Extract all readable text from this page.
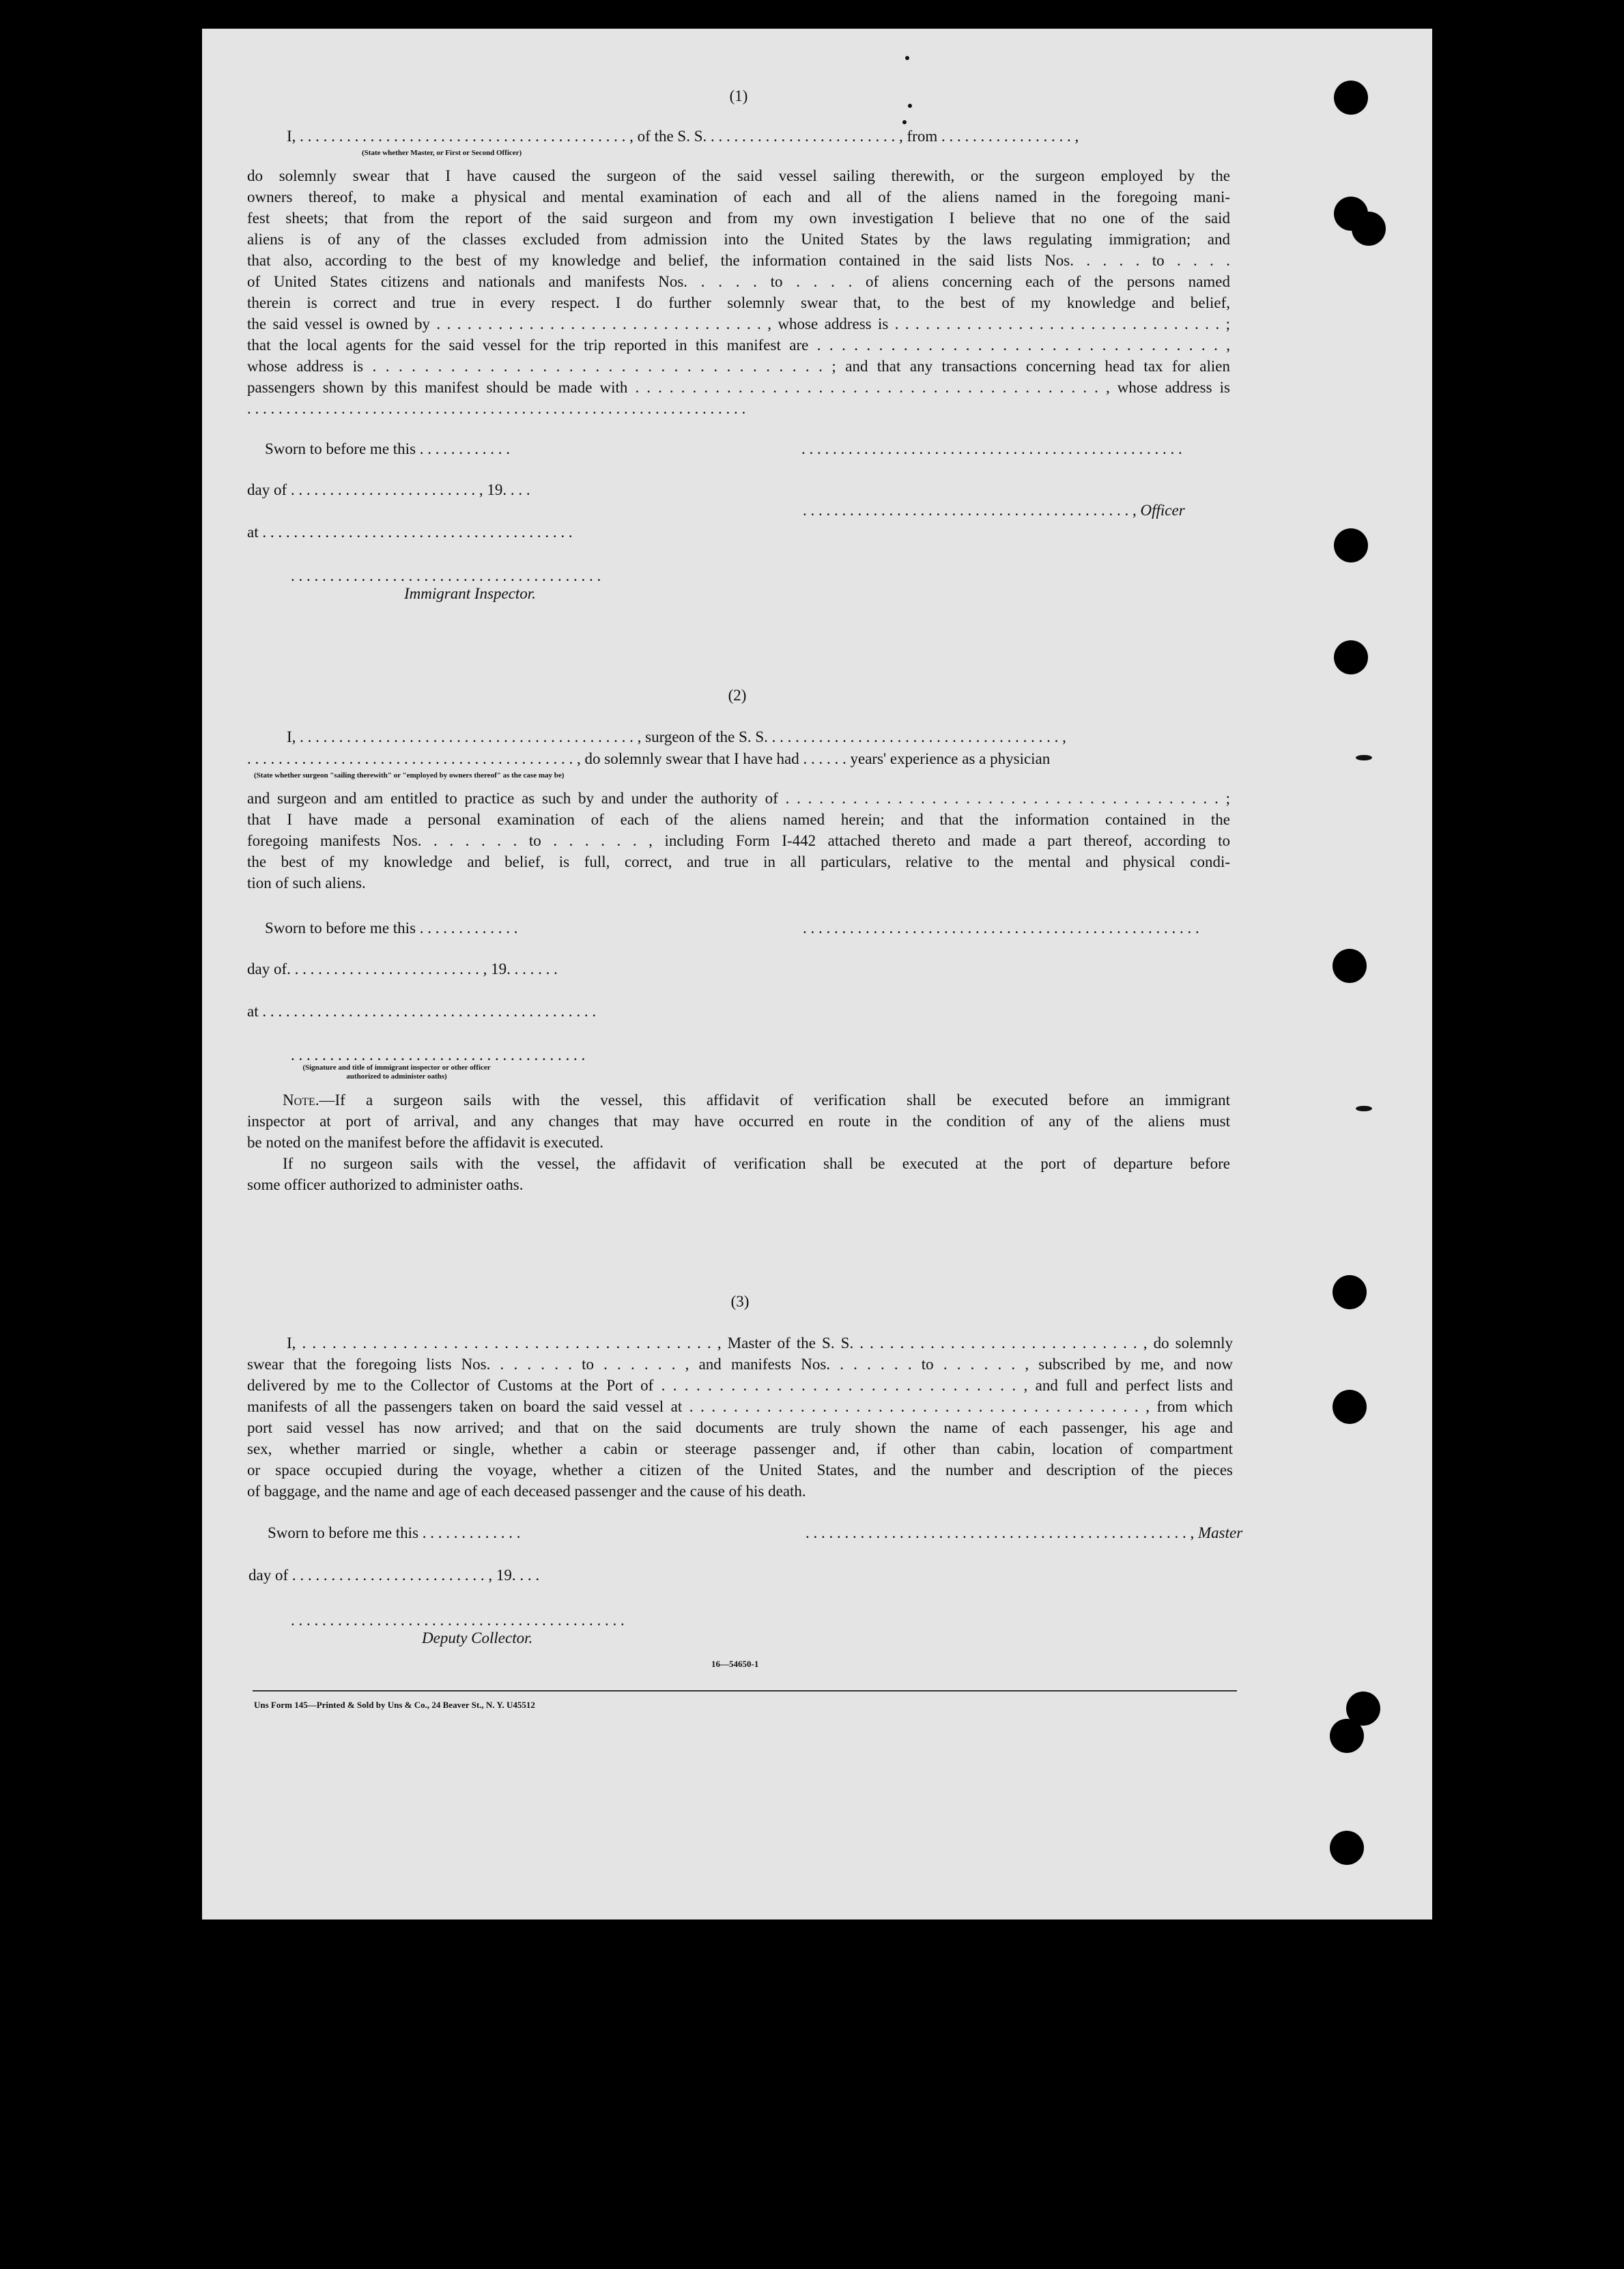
(1)
I, . . . . . . . . . . . . . . . . . . . . . . . . . . . . . . . . . . . . . . . . . . , of the S. S. . . . . . . . . . . . . . . . . . . . . . . . . , from . . . . . . . . . . . . . . . . . ,
(State whether Master, or First or Second Officer)
do solemnly swear that I have caused the surgeon of the said vessel sailing therewith, or the surgeon employed by the
owners thereof, to make a physical and mental examination of each and all of the aliens named in the foregoing mani-
fest sheets; that from the report of the said surgeon and from my own investigation I believe that no one of the said
aliens is of any of the classes excluded from admission into the United States by the laws regulating immigration; and
that also, according to the best of my knowledge and belief, the information contained in the said lists Nos. . . . . to . . . .
of United States citizens and nationals and manifests Nos. . . . . to . . . . of aliens concerning each of the persons named
therein is correct and true in every respect. I do further solemnly swear that, to the best of my knowledge and belief,
the said vessel is owned by . . . . . . . . . . . . . . . . . . . . . . . . . . . . . . . . , whose address is . . . . . . . . . . . . . . . . . . . . . . . . . . . . . . . . ;
that the local agents for the said vessel for the trip reported in this manifest are . . . . . . . . . . . . . . . . . . . . . . . . . . . . . . . . . ,
whose address is . . . . . . . . . . . . . . . . . . . . . . . . . . . . . . . . . . . ; and that any transactions concerning head tax for alien
passengers shown by this manifest should be made with . . . . . . . . . . . . . . . . . . . . . . . . . . . . . . . . . . . . . . . . . , whose address is
. . . . . . . . . . . . . . . . . . . . . . . . . . . . . . . . . . . . . . . . . . . . . . . . . . . . . . . . . . . . . . . .
Sworn to before me this . . . . . . . . . . . .	. . . . . . . . . . . . . . . . . . . . . . . . . . . . . . . . . . . . . . . . . . . . . . . . .
day of . . . . . . . . . . . . . . . . . . . . . . . . , 19. . . .
. . . . . . . . . . . . . . . . . . . . . . . . . . . . . . . . . . . . . . . . . . , Officer
at . . . . . . . . . . . . . . . . . . . . . . . . . . . . . . . . . . . . . . . .
. . . . . . . . . . . . . . . . . . . . . . . . . . . . . . . . . . . . . . . .
Immigrant Inspector.
(2)
I, . . . . . . . . . . . . . . . . . . . . . . . . . . . . . . . . . . . . . . . . . . . , surgeon of the S. S. . . . . . . . . . . . . . . . . . . . . . . . . . . . . . . . . . . . . . ,
. . . . . . . . . . . . . . . . . . . . . . . . . . . . . . . . . . . . . . . . . . , do solemnly swear that I have had . . . . . . years' experience as a physician
(State whether surgeon "sailing therewith" or "employed by owners thereof" as the case may be)
and surgeon and am entitled to practice as such by and under the authority of . . . . . . . . . . . . . . . . . . . . . . . . . . . . . . . . . . . . . . . ;
that I have made a personal examination of each of the aliens named herein; and that the information contained in the
foregoing manifests Nos. . . . . . . to . . . . . . , including Form I-442 attached thereto and made a part thereof, according to
the best of my knowledge and belief, is full, correct, and true in all particulars, relative to the mental and physical condi-
tion of such aliens.
Sworn to before me this . . . . . . . . . . . . .	. . . . . . . . . . . . . . . . . . . . . . . . . . . . . . . . . . . . . . . . . . . . . . . . . . .
day of. . . . . . . . . . . . . . . . . . . . . . . . . , 19. . . . . . .
at . . . . . . . . . . . . . . . . . . . . . . . . . . . . . . . . . . . . . . . . . . .
. . . . . . . . . . . . . . . . . . . . . . . . . . . . . . . . . . . . . .
(Signature and title of immigrant inspector or other officer authorized to administer oaths)
Note.—If a surgeon sails with the vessel, this affidavit of verification shall be executed before an immigrant
inspector at port of arrival, and any changes that may have occurred en route in the condition of any of the aliens must
be noted on the manifest before the affidavit is executed.
If no surgeon sails with the vessel, the affidavit of verification shall be executed at the port of departure before
some officer authorized to administer oaths.
(3)
I, . . . . . . . . . . . . . . . . . . . . . . . . . . . . . . . . . . . . . . . . . , Master of the S. S. . . . . . . . . . . . . . . . . . . . . . . . . . . . . , do solemnly
swear that the foregoing lists Nos. . . . . . . to . . . . . . , and manifests Nos. . . . . . . to . . . . . . , subscribed by me, and now
delivered by me to the Collector of Customs at the Port of . . . . . . . . . . . . . . . . . . . . . . . . . . . . . . . , and full and perfect lists and
manifests of all the passengers taken on board the said vessel at . . . . . . . . . . . . . . . . . . . . . . . . . . . . . . . . . . . . . . . . . , from which
port said vessel has now arrived; and that on the said documents are truly shown the name of each passenger, his age and
sex, whether married or single, whether a cabin or steerage passenger and, if other than cabin, location of compartment
or space occupied during the voyage, whether a citizen of the United States, and the number and description of the pieces
of baggage, and the name and age of each deceased passenger and the cause of his death.
Sworn to before me this . . . . . . . . . . . . .	. . . . . . . . . . . . . . . . . . . . . . . . . . . . . . . . . . . . . . . . . . . . . . . . . , Master
day of . . . . . . . . . . . . . . . . . . . . . . . . . , 19. . . .
. . . . . . . . . . . . . . . . . . . . . . . . . . . . . . . . . . . . . . . . . . .
Deputy Collector.
16—54650-1
Uns Form 145—Printed & Sold by Uns & Co., 24 Beaver St., N. Y. U45512
